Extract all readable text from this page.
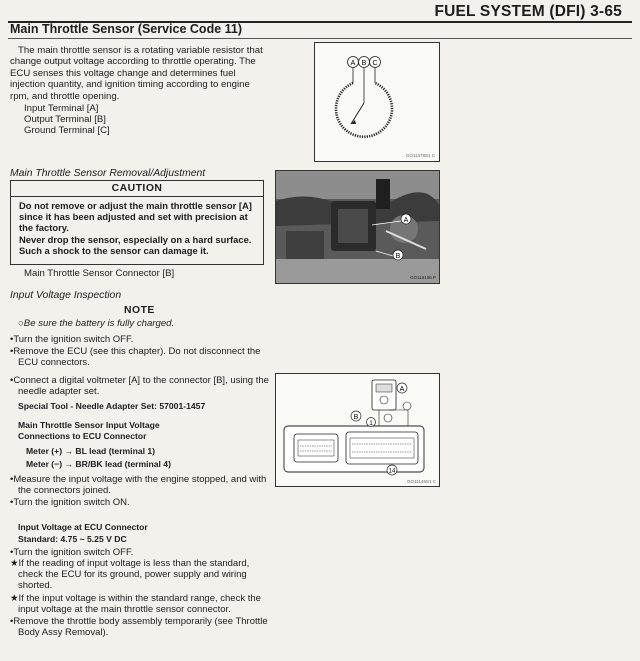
FUEL SYSTEM (DFI) 3-65
Main Throttle Sensor (Service Code 11)
The main throttle sensor is a rotating variable resistor that change output voltage according to throttle operating. The ECU senses this voltage change and determines fuel injection quantity, and ignition timing according to engine rpm, and throttle opening.
Input Terminal [A]
Output Terminal [B]
Ground Terminal [C]
A B C
GO11378S1 C
Main Throttle Sensor Removal/Adjustment
CAUTION
Do not remove or adjust the main throttle sensor [A] since it has been adjusted and set with precision at the factory.
Never drop the sensor, especially on a hard surface. Such a shock to the sensor can damage it.
Main Throttle Sensor Connector [B]
A
B
GO115106 P
Input Voltage Inspection
NOTE
○Be sure the battery is fully charged.
•Turn the ignition switch OFF.
•Remove the ECU (see this chapter). Do not disconnect the ECU connectors.
•Connect a digital voltmeter [A] to the connector [B], using the needle adapter set.
Special Tool - Needle Adapter Set: 57001-1457
Main Throttle Sensor Input Voltage
Connections to ECU Connector
Meter (+) → BL lead (terminal 1)
Meter (−) → BR/BK lead (terminal 4)
•Measure the input voltage with the engine stopped, and with the connectors joined.
•Turn the ignition switch ON.
Input Voltage at ECU Connector
Standard: 4.75 ~ 5.25 V DC
•Turn the ignition switch OFF.
★If the reading of input voltage is less than the standard, check the ECU for its ground, power supply and wiring shorted.
★If the input voltage is within the standard range, check the input voltage at the main throttle sensor connector.
•Remove the throttle body assembly temporarily (see Throttle Body Assy Removal).
A
B
1
14
GO11146S1 C
